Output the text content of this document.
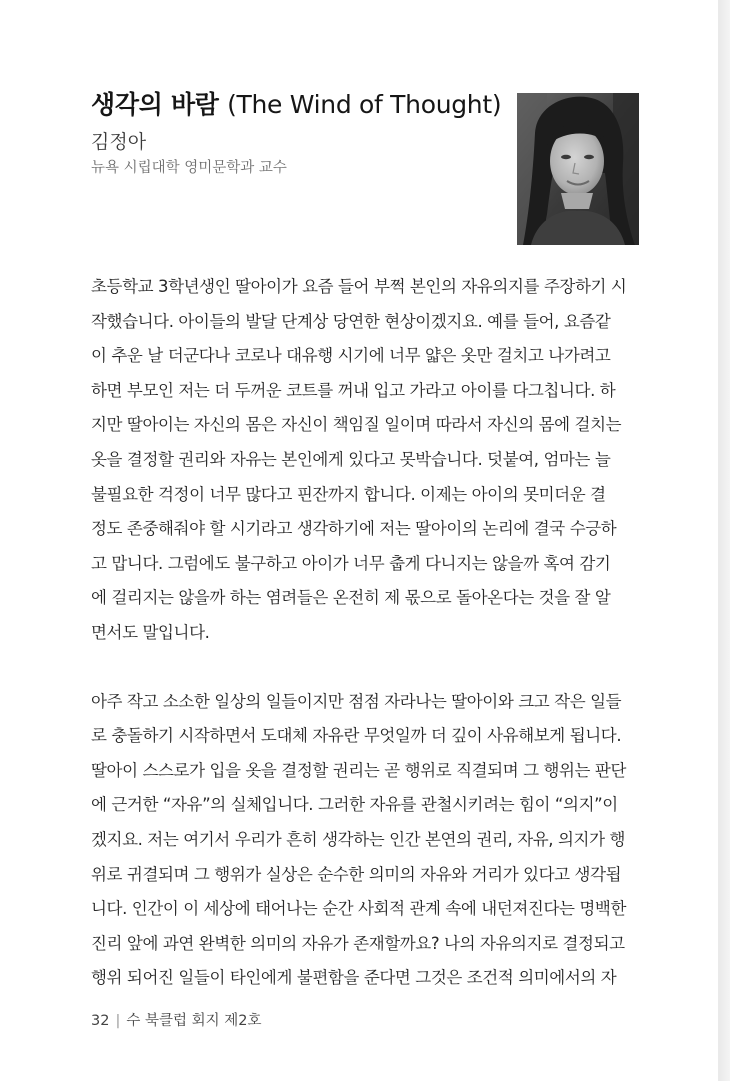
생각의 바람 (The Wind of Thought)
김정아
뉴욕 시립대학 영미문학과 교수

초등학교 3학년생인 딸아이가 요즘 들어 부쩍 본인의 자유의지를 주장하기 시
작했습니다. 아이들의 발달 단계상 당연한 현상이겠지요. 예를 들어, 요즘같
이 추운 날 더군다나 코로나 대유행 시기에 너무 얇은 옷만 걸치고 나가려고
하면 부모인 저는 더 두꺼운 코트를 꺼내 입고 가라고 아이를 다그칩니다. 하
지만 딸아이는 자신의 몸은 자신이 책임질 일이며 따라서 자신의 몸에 걸치는
옷을 결정할 권리와 자유는 본인에게 있다고 못박습니다. 덧붙여, 엄마는 늘
불필요한 걱정이 너무 많다고 핀잔까지 합니다. 이제는 아이의 못미더운 결
정도 존중해줘야 할 시기라고 생각하기에 저는 딸아이의 논리에 결국 수긍하
고 맙니다. 그럼에도 불구하고 아이가 너무 춥게 다니지는 않을까 혹여 감기
에 걸리지는 않을까 하는 염려들은 온전히 제 몫으로 돌아온다는 것을 잘 알
면서도 말입니다.

아주 작고 소소한 일상의 일들이지만 점점 자라나는 딸아이와 크고 작은 일들
로 충돌하기 시작하면서 도대체 자유란 무엇일까 더 깊이 사유해보게 됩니다.
딸아이 스스로가 입을 옷을 결정할 권리는 곧 행위로 직결되며 그 행위는 판단
에 근거한 “자유”의 실체입니다. 그러한 자유를 관철시키려는 힘이 “의지”이
겠지요. 저는 여기서 우리가 흔히 생각하는 인간 본연의 권리, 자유, 의지가 행
위로 귀결되며 그 행위가 실상은 순수한 의미의 자유와 거리가 있다고 생각됩
니다. 인간이 이 세상에 태어나는 순간 사회적 관계 속에 내던져진다는 명백한
진리 앞에 과연 완벽한 의미의 자유가 존재할까요? 나의 자유의지로 결정되고
행위 되어진 일들이 타인에게 불편함을 준다면 그것은 조건적 의미에서의 자

32 | 수 북클럽 회지 제2호
